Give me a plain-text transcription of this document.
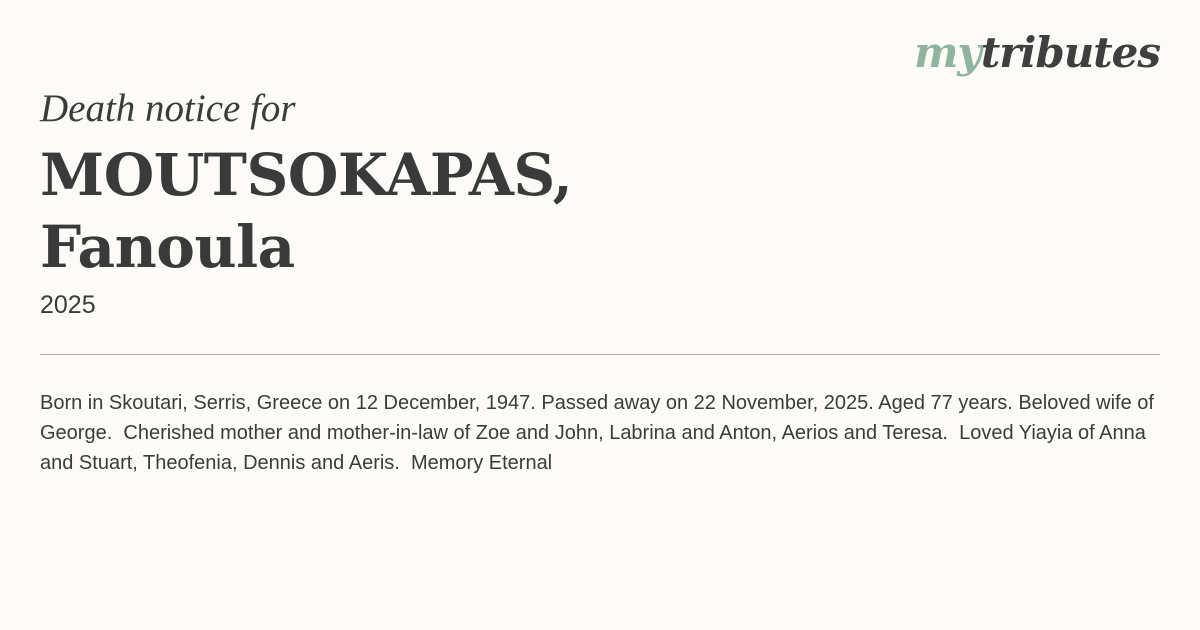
mytributes
Death notice for
MOUTSOKAPAS,
Fanoula
2025

Born in Skoutari, Serris, Greece on 12 December, 1947. Passed away on 22 November, 2025. Aged 77 years. Beloved wife of George.  Cherished mother and mother-in-law of Zoe and John, Labrina and Anton, Aerios and Teresa.  Loved Yiayia of Anna and Stuart, Theofenia, Dennis and Aeris.  Memory Eternal
